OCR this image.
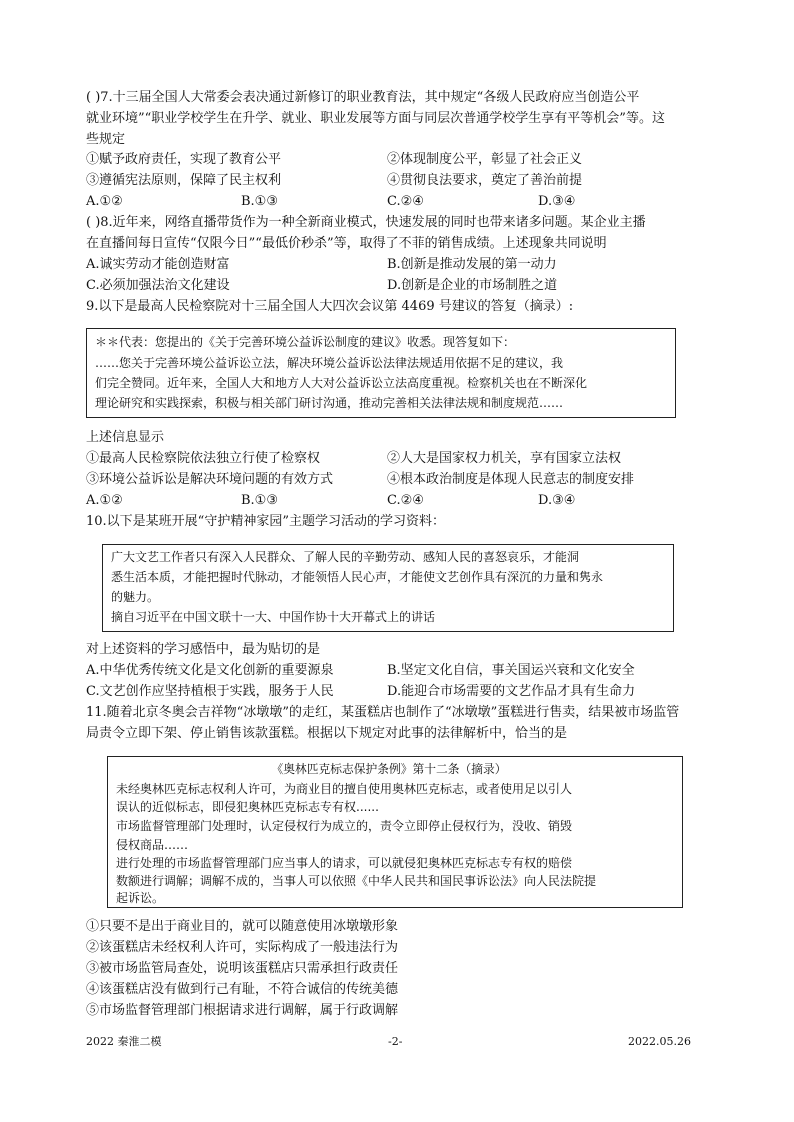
( )7.十三届全国人大常委会表决通过新修订的职业教育法，其中规定“各级人民政府应当创造公平
就业环境”“职业学校学生在升学、就业、职业发展等方面与同层次普通学校学生享有平等机会”等。这
些规定
①赋予政府责任，实现了教育公平	②体现制度公平，彰显了社会正义
③遵循宪法原则，保障了民主权利	④贯彻良法要求，奠定了善治前提
A.①②	B.①③	C.②④	D.③④
( )8.近年来，网络直播带货作为一种全新商业模式，快速发展的同时也带来诸多问题。某企业主播
在直播间每日宣传“仅限今日”“最低价秒杀”等，取得了不菲的销售成绩。上述现象共同说明
A.诚实劳动才能创造财富	B.创新是推动发展的第一动力
C.必须加强法治文化建设	D.创新是企业的市场制胜之道
9.以下是最高人民检察院对十三届全国人大四次会议第 4469 号建议的答复（摘录）:
＊＊代表：您提出的《关于完善环境公益诉讼制度的建议》收悉。现答复如下：
……您关于完善环境公益诉讼立法，解决环境公益诉讼法律法规适用依据不足的建议，我
们完全赞同。近年来，全国人大和地方人大对公益诉讼立法高度重视。检察机关也在不断深化
理论研究和实践探索，积极与相关部门研讨沟通，推动完善相关法律法规和制度规范……
上述信息显示
①最高人民检察院依法独立行使了检察权	②人大是国家权力机关，享有国家立法权
③环境公益诉讼是解决环境问题的有效方式	④根本政治制度是体现人民意志的制度安排
A.①②	B.①③	C.②④	D.③④
10.以下是某班开展“守护精神家园”主题学习活动的学习资料：
广大文艺工作者只有深入人民群众、了解人民的辛勤劳动、感知人民的喜怒哀乐，才能洞
悉生活本质，才能把握时代脉动，才能领悟人民心声，才能使文艺创作具有深沉的力量和隽永
的魅力。
摘自习近平在中国文联十一大、中国作协十大开幕式上的讲话
对上述资料的学习感悟中，最为贴切的是
A.中华优秀传统文化是文化创新的重要源泉	B.坚定文化自信，事关国运兴衰和文化安全
C.文艺创作应坚持植根于实践，服务于人民	D.能迎合市场需要的文艺作品才具有生命力
11.随着北京冬奥会吉祥物“冰墩墩”的走红，某蛋糕店也制作了“冰墩墩”蛋糕进行售卖，结果被市场监管
局责令立即下架、停止销售该款蛋糕。根据以下规定对此事的法律解析中，恰当的是
《奥林匹克标志保护条例》第十二条（摘录）
未经奥林匹克标志权利人许可，为商业目的擅自使用奥林匹克标志，或者使用足以引人
误认的近似标志，即侵犯奥林匹克标志专有权......
市场监督管理部门处理时，认定侵权行为成立的，责令立即停止侵权行为，没收、销毁
侵权商品……
进行处理的市场监督管理部门应当事人的请求，可以就侵犯奥林匹克标志专有权的赔偿
数额进行调解；调解不成的，当事人可以依照《中华人民共和国民事诉讼法》向人民法院提
起诉讼。
①只要不是出于商业目的，就可以随意使用冰墩墩形象
②该蛋糕店未经权利人许可，实际构成了一般违法行为
③被市场监管局查处，说明该蛋糕店只需承担行政责任
④该蛋糕店没有做到行己有耻，不符合诚信的传统美德
⑤市场监督管理部门根据请求进行调解，属于行政调解
2022 秦淮二模	-2-	2022.05.26
